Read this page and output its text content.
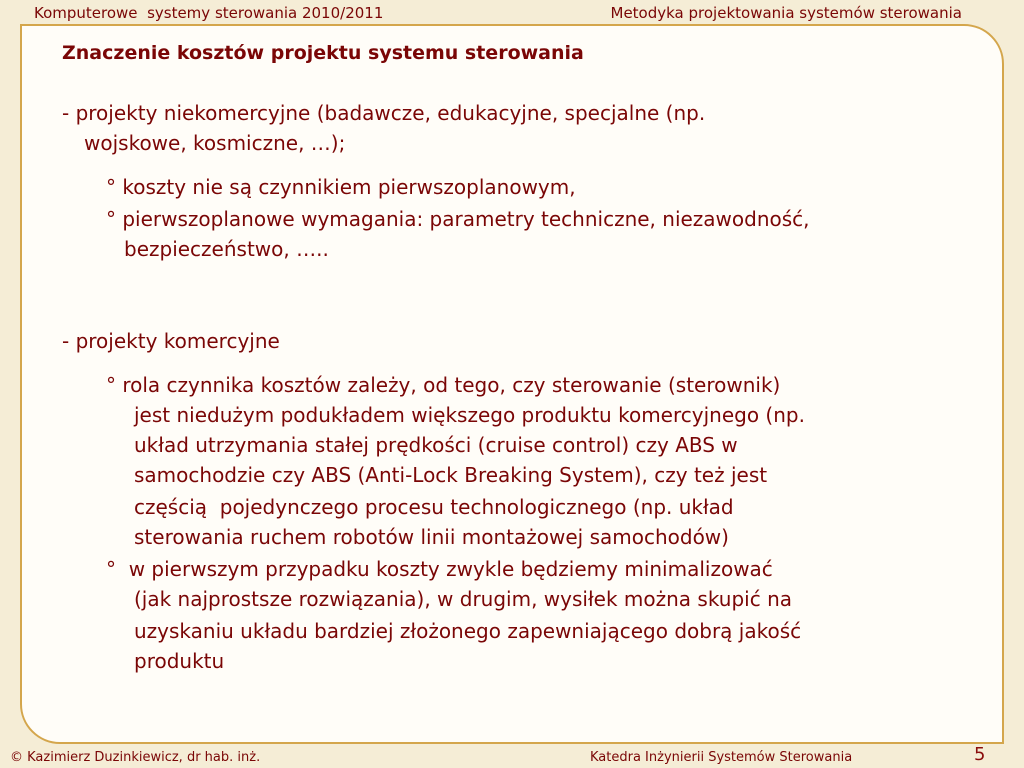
Komputerowe  systemy sterowania 2010/2011	Metodyka projektowania systemów sterowania
Znaczenie kosztów projektu systemu sterowania
- projekty niekomercyjne (badawcze, edukacyjne, specjalne (np.
wojskowe, kosmiczne, …);
° koszty nie są czynnikiem pierwszoplanowym,
° pierwszoplanowe wymagania: parametry techniczne, niezawodność,
bezpieczeństwo, …..
- projekty komercyjne
° rola czynnika kosztów zależy, od tego, czy sterowanie (sterownik)
jest niedużym podukładem większego produktu komercyjnego (np.
układ utrzymania stałej prędkości (cruise control) czy ABS w
samochodzie czy ABS (Anti-Lock Breaking System), czy też jest
częścią  pojedynczego procesu technologicznego (np. układ
sterowania ruchem robotów linii montażowej samochodów)
°  w pierwszym przypadku koszty zwykle będziemy minimalizować
(jak najprostsze rozwiązania), w drugim, wysiłek można skupić na
uzyskaniu układu bardziej złożonego zapewniającego dobrą jakość
produktu
© Kazimierz Duzinkiewicz, dr hab. inż.	Katedra Inżynierii Systemów Sterowania	5
